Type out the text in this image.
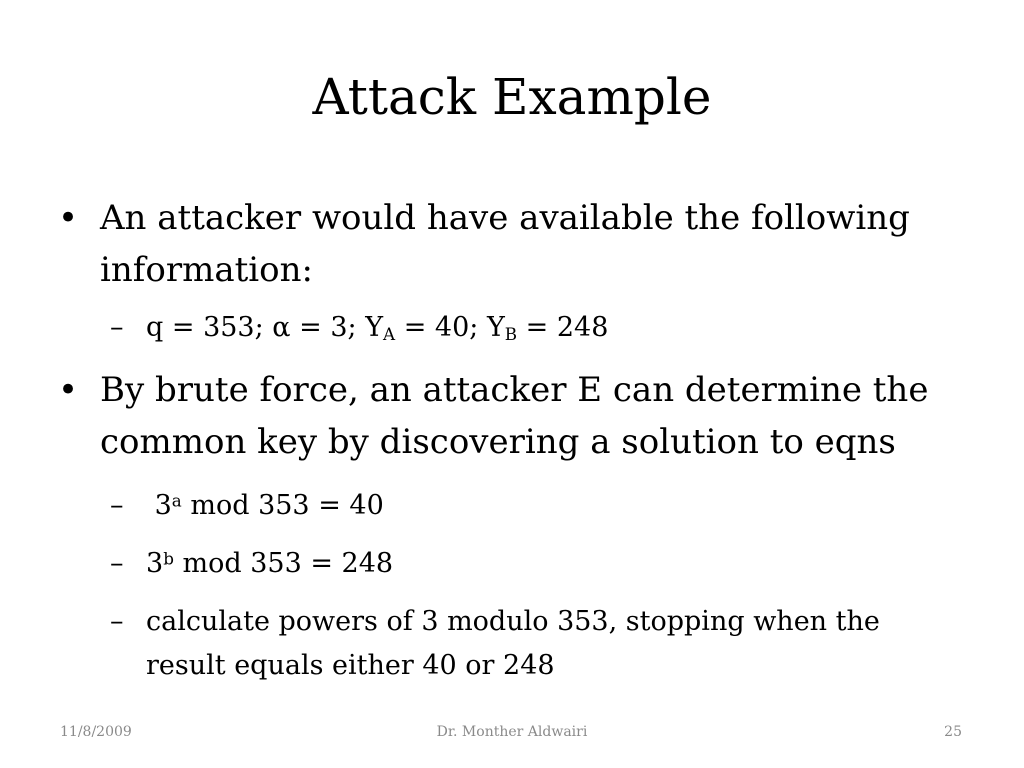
Attack Example
• An attacker would have available the following information:
– q = 353; α = 3; $Y_A = 40$; $Y_B = 248$
• By brute force, an attacker E can determine the common key by discovering a solution to eqns
– 3$^a$ mod 353 = 40
– 3$^b$ mod 353 = 248
– calculate powers of 3 modulo 353, stopping when the result equals either 40 or 248
11/8/2009	Dr. Monther Aldwairi	25
